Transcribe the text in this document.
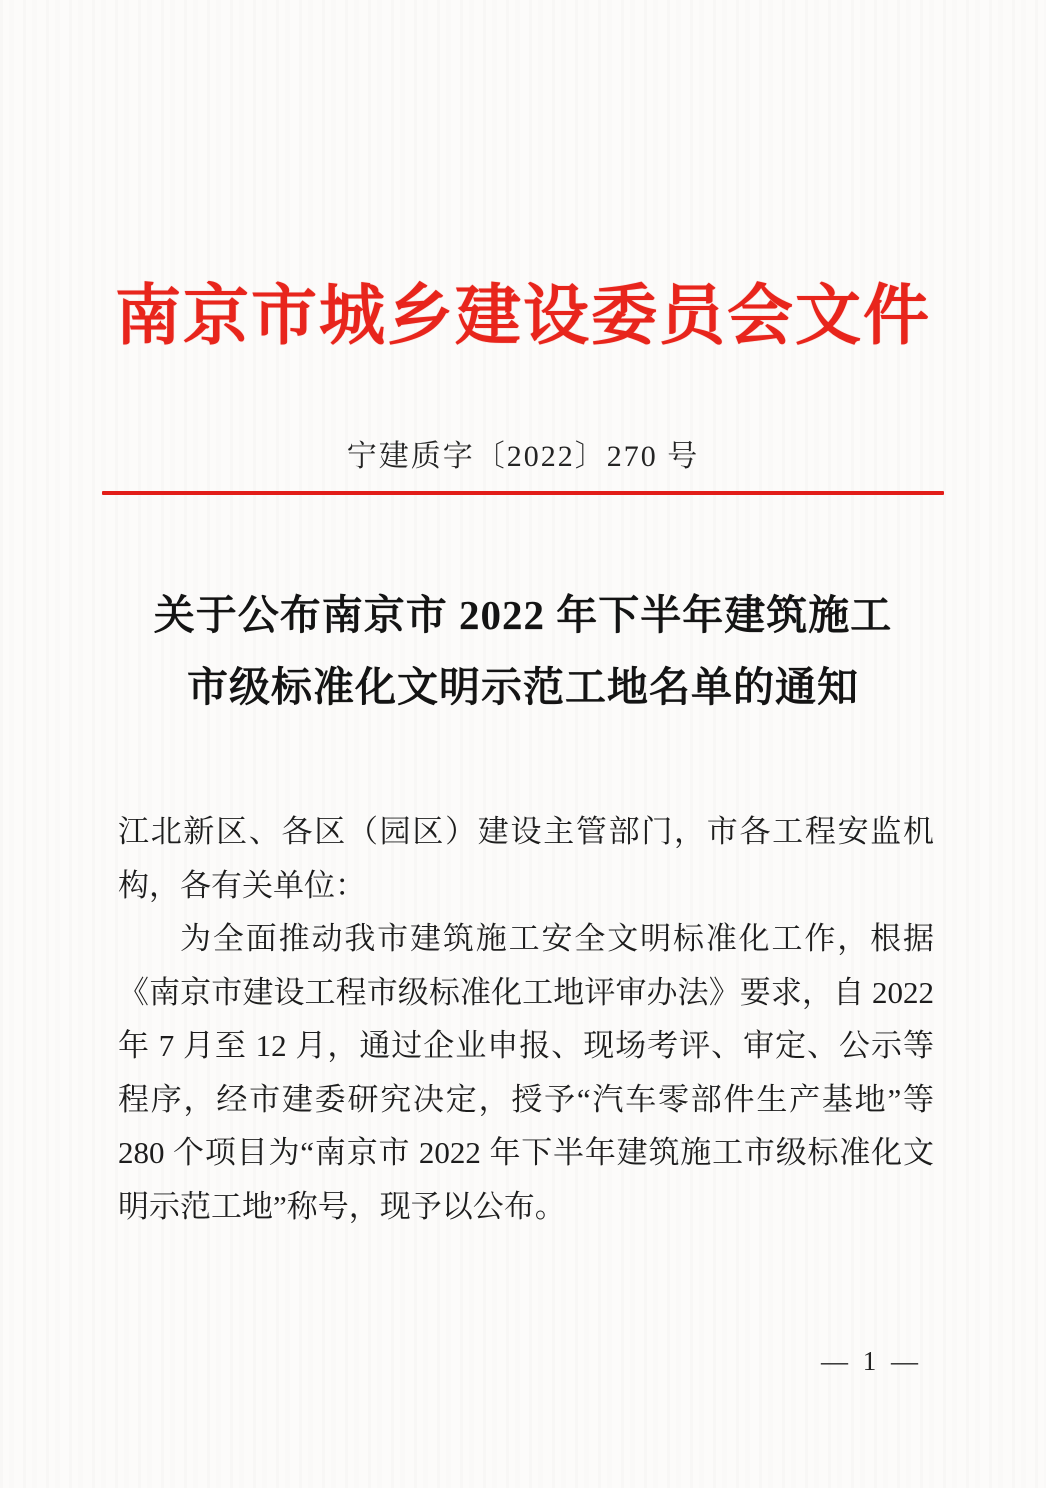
南京市城乡建设委员会文件
宁建质字〔2022〕270 号
关于公布南京市 2022 年下半年建筑施工
市级标准化文明示范工地名单的通知

江北新区、各区（园区）建设主管部门，市各工程安监机构，各有关单位：

为全面推动我市建筑施工安全文明标准化工作，根据《南京市建设工程市级标准化工地评审办法》要求，自 2022 年 7 月至 12 月，通过企业申报、现场考评、审定、公示等程序，经市建委研究决定，授予“汽车零部件生产基地”等 280 个项目为“南京市 2022 年下半年建筑施工市级标准化文明示范工地”称号，现予以公布。

— 1 —
